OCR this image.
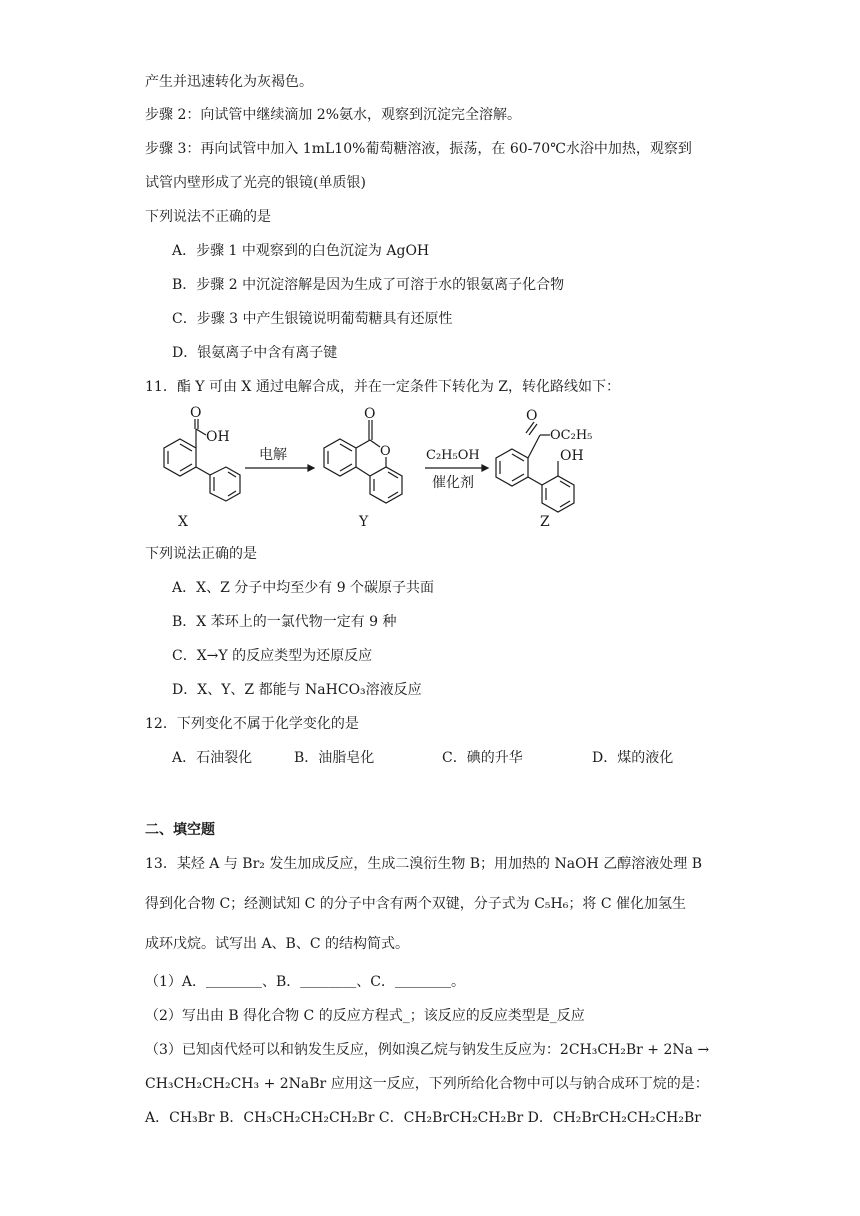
产生并迅速转化为灰褐色。
步骤 2：向试管中继续滴加 2%氨水，观察到沉淀完全溶解。
步骤 3：再向试管中加入 1mL10%葡萄糖溶液，振荡，在 60-70℃水浴中加热，观察到
试管内壁形成了光亮的银镜(单质银)
下列说法不正确的是
A．步骤 1 中观察到的白色沉淀为 AgOH
B．步骤 2 中沉淀溶解是因为生成了可溶于水的银氨离子化合物
C．步骤 3 中产生银镜说明葡萄糖具有还原性
D．银氨离子中含有离子键
11．酯 Y 可由 X 通过电解合成，并在一定条件下转化为 Z，转化路线如下：
O
OH
X
电解
O
O
Y
C₂H₅OH
催化剂
O
OC₂H₅
OH
Z
下列说法正确的是
A．X、Z 分子中均至少有 9 个碳原子共面
B．X 苯环上的一氯代物一定有 9 种
C．X→Y 的反应类型为还原反应
D．X、Y、Z 都能与 NaHCO₃溶液反应
12．下列变化不属于化学变化的是
A．石油裂化	B．油脂皂化	C．碘的升华	D．煤的液化
二、填空题
13．某烃 A 与 Br₂ 发生加成反应，生成二溴衍生物 B；用加热的 NaOH 乙醇溶液处理 B
得到化合物 C；经测试知 C 的分子中含有两个双键，分子式为 C₅H₆；将 C 催化加氢生
成环戊烷。试写出 A、B、C 的结构简式。
（1）A．＿＿＿＿、B．＿＿＿＿、C．＿＿＿＿。
（2）写出由 B 得化合物 C 的反应方程式_；该反应的反应类型是_反应
（3）已知卤代烃可以和钠发生反应，例如溴乙烷与钠发生反应为：2CH₃CH₂Br + 2Na →
CH₃CH₂CH₂CH₃ + 2NaBr 应用这一反应，下列所给化合物中可以与钠合成环丁烷的是：
A．CH₃Br B．CH₃CH₂CH₂CH₂Br C．CH₂BrCH₂CH₂Br D．CH₂BrCH₂CH₂CH₂Br
